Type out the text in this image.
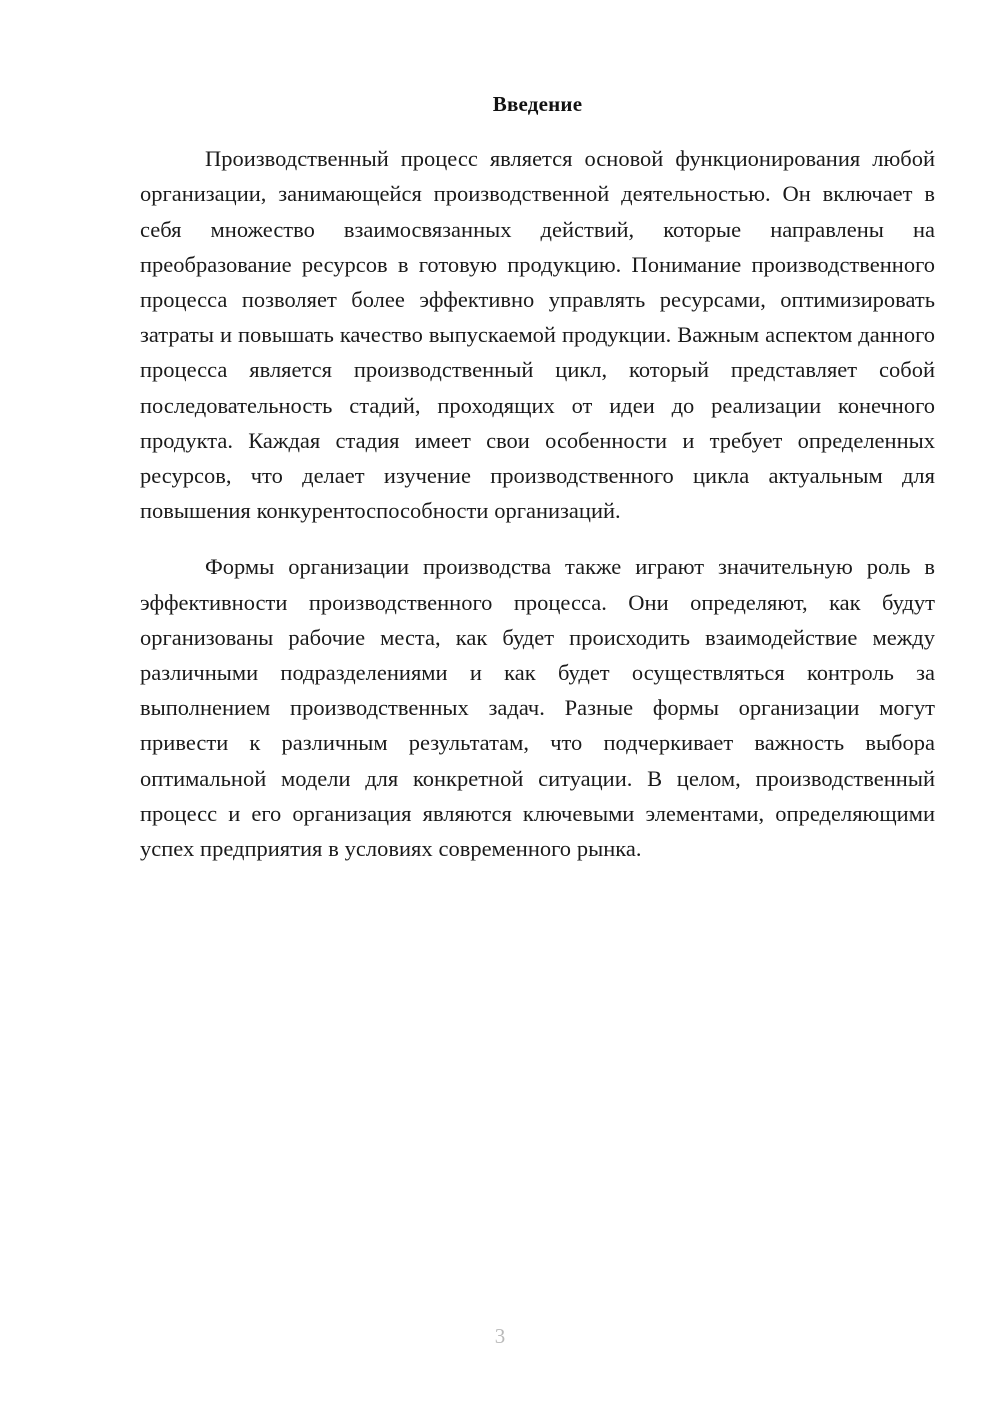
Введение

Производственный процесс является основой функционирования любой организации, занимающейся производственной деятельностью. Он включает в себя множество взаимосвязанных действий, которые направлены на преобразование ресурсов в готовую продукцию. Понимание производственного процесса позволяет более эффективно управлять ресурсами, оптимизировать затраты и повышать качество выпускаемой продукции. Важным аспектом данного процесса является производственный цикл, который представляет собой последовательность стадий, проходящих от идеи до реализации конечного продукта. Каждая стадия имеет свои особенности и требует определенных ресурсов, что делает изучение производственного цикла актуальным для повышения конкурентоспособности организаций.

Формы организации производства также играют значительную роль в эффективности производственного процесса. Они определяют, как будут организованы рабочие места, как будет происходить взаимодействие между различными подразделениями и как будет осуществляться контроль за выполнением производственных задач. Разные формы организации могут привести к различным результатам, что подчеркивает важность выбора оптимальной модели для конкретной ситуации. В целом, производственный процесс и его организация являются ключевыми элементами, определяющими успех предприятия в условиях современного рынка.

3
